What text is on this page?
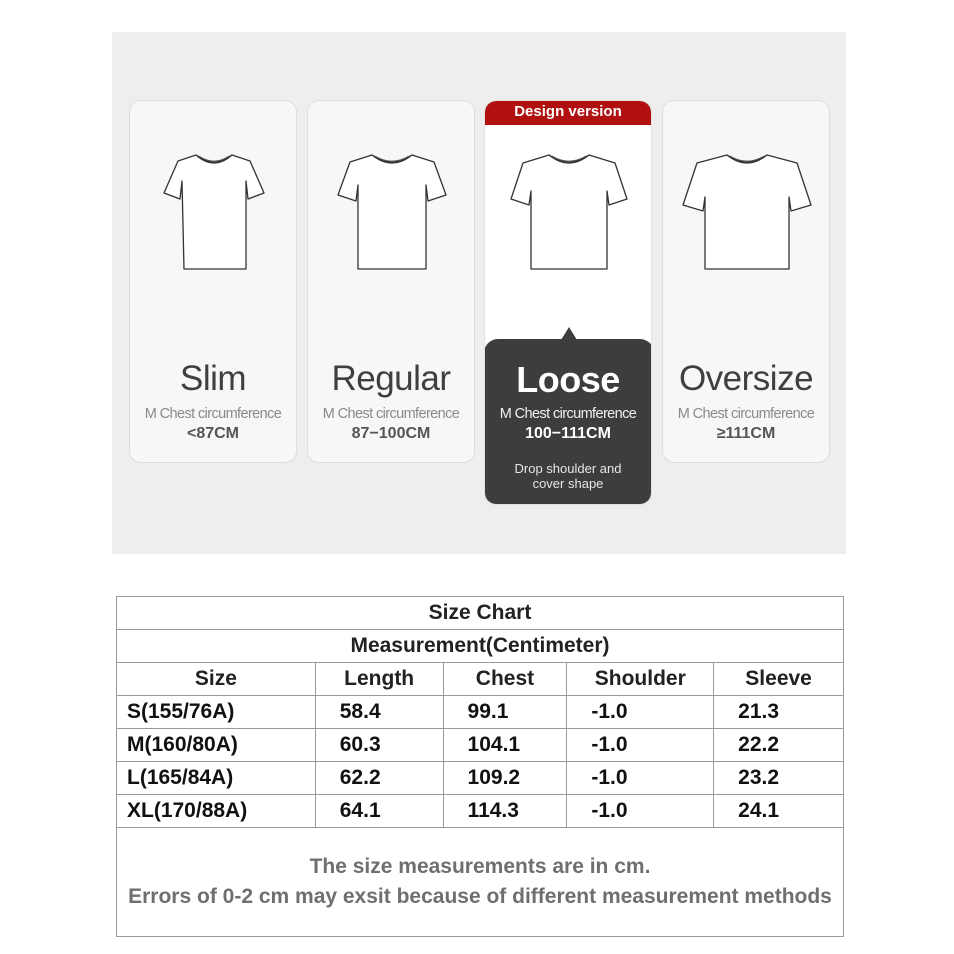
Slim
M Chest circumference
<87CM
Regular
M Chest circumference
87−100CM
Design version
Loose
M Chest circumference
100−111CM
Drop shoulder and
cover shape
Oversize
M Chest circumference
≥111CM
Size Chart				
Measurement(Centimeter)				
Size	Length	Chest	Shoulder	Sleeve
S(155/76A)	58.4	99.1	-1.0	21.3
M(160/80A)	60.3	104.1	-1.0	22.2
L(165/84A)	62.2	109.2	-1.0	23.2
XL(170/88A)	64.1	114.3	-1.0	24.1

The size measurements are in cm.
Errors of 0-2 cm may exsit because of different measurement methods				
